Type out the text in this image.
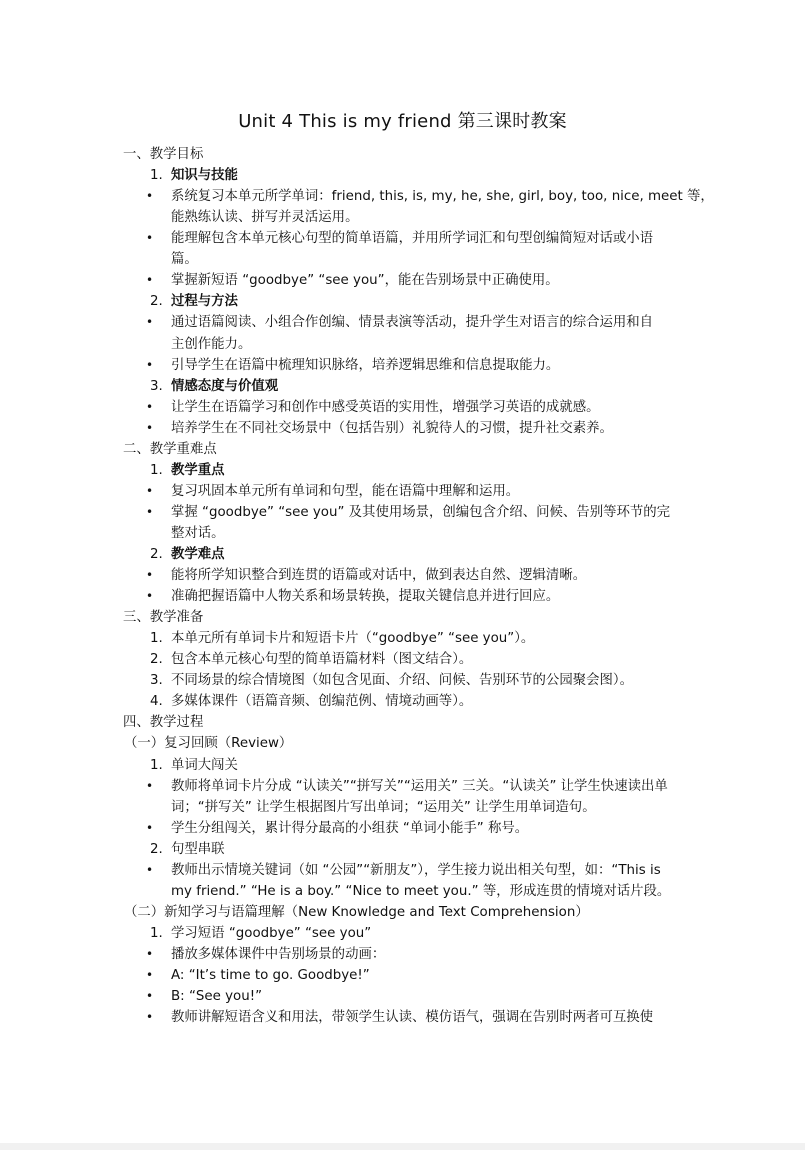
Unit 4 This is my friend 第三课时教案
一、教学目标
1. 知识与技能
• 系统复习本单元所学单词：friend, this, is, my, he, she, girl, boy, too, nice, meet 等，
能熟练认读、拼写并灵活运用。
• 能理解包含本单元核心句型的简单语篇，并用所学词汇和句型创编简短对话或小语
篇。
• 掌握新短语 “goodbye” “see you”，能在告别场景中正确使用。
2. 过程与方法
• 通过语篇阅读、小组合作创编、情景表演等活动，提升学生对语言的综合运用和自
主创作能力。
• 引导学生在语篇中梳理知识脉络，培养逻辑思维和信息提取能力。
3. 情感态度与价值观
• 让学生在语篇学习和创作中感受英语的实用性，增强学习英语的成就感。
• 培养学生在不同社交场景中（包括告别）礼貌待人的习惯，提升社交素养。
二、教学重难点
1. 教学重点
• 复习巩固本单元所有单词和句型，能在语篇中理解和运用。
• 掌握 “goodbye” “see you” 及其使用场景，创编包含介绍、问候、告别等环节的完
整对话。
2. 教学难点
• 能将所学知识整合到连贯的语篇或对话中，做到表达自然、逻辑清晰。
• 准确把握语篇中人物关系和场景转换，提取关键信息并进行回应。
三、教学准备
1. 本单元所有单词卡片和短语卡片（“goodbye” “see you”）。
2. 包含本单元核心句型的简单语篇材料（图文结合）。
3. 不同场景的综合情境图（如包含见面、介绍、问候、告别环节的公园聚会图）。
4. 多媒体课件（语篇音频、创编范例、情境动画等）。
四、教学过程
（一）复习回顾（Review）
1. 单词大闯关
• 教师将单词卡片分成 “认读关”“拼写关”“运用关” 三关。“认读关” 让学生快速读出单
词；“拼写关” 让学生根据图片写出单词；“运用关” 让学生用单词造句。
• 学生分组闯关，累计得分最高的小组获 “单词小能手” 称号。
2. 句型串联
• 教师出示情境关键词（如 “公园”“新朋友”），学生接力说出相关句型，如：“This is
my friend.” “He is a boy.” “Nice to meet you.” 等，形成连贯的情境对话片段。
（二）新知学习与语篇理解（New Knowledge and Text Comprehension）
1. 学习短语 “goodbye” “see you”
• 播放多媒体课件中告别场景的动画：
• A: “It’s time to go. Goodbye!”
• B: “See you!”
• 教师讲解短语含义和用法，带领学生认读、模仿语气，强调在告别时两者可互换使
